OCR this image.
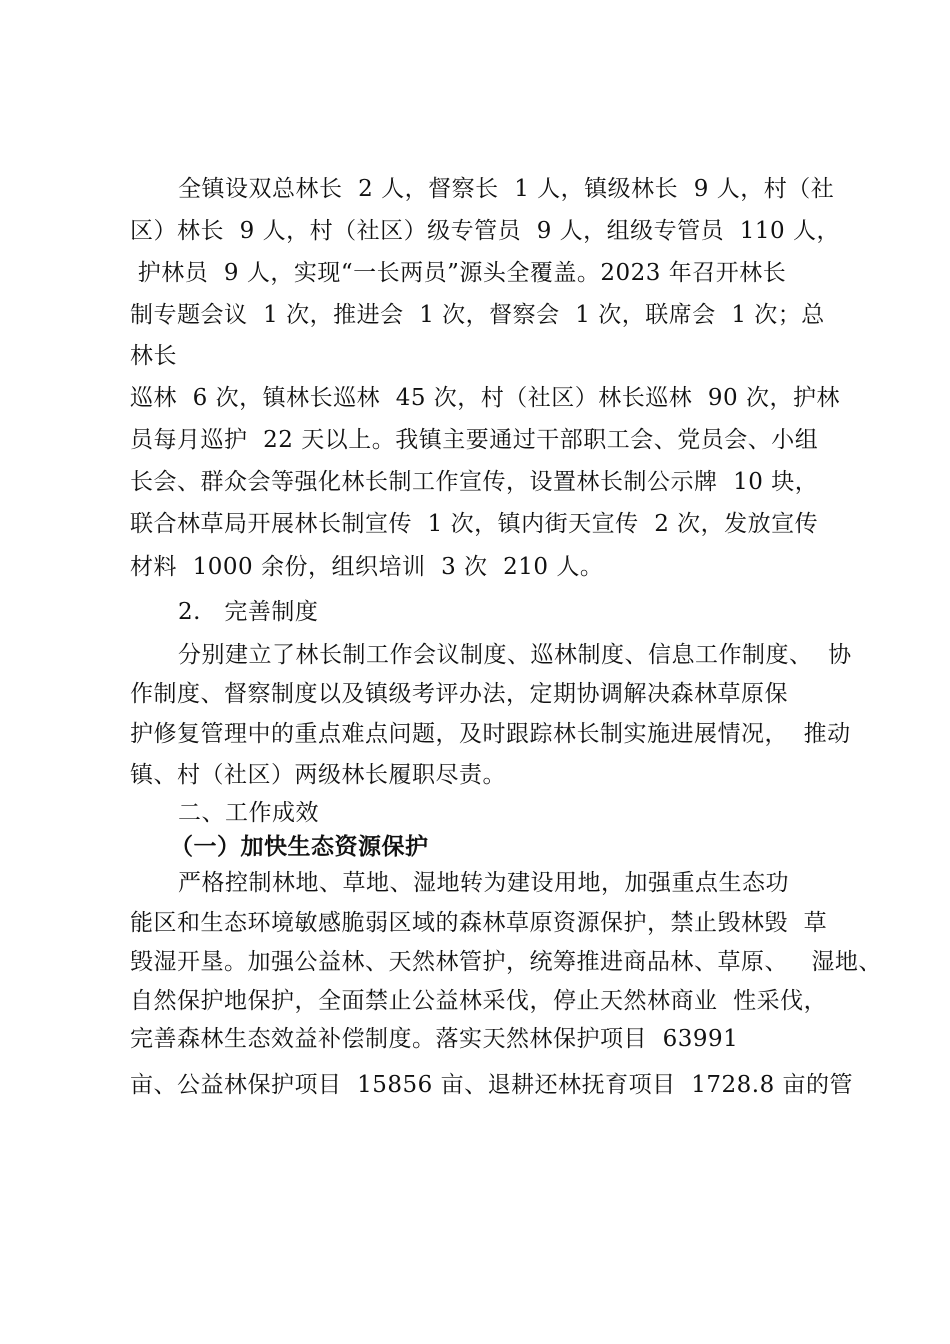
全镇设双总林长  2 人，督察长  1 人，镇级林长  9 人，村（社
区）林长  9 人，村（社区）级专管员  9 人，组级专管员  110 人，
护林员  9 人，实现“一长两员”源头全覆盖。2023 年召开林长
制专题会议  1 次，推进会  1 次，督察会  1 次，联席会  1 次；总
林长
巡林  6 次，镇林长巡林  45 次，村（社区）林长巡林  90 次，护林
员每月巡护  22 天以上。我镇主要通过干部职工会、党员会、小组
长会、群众会等强化林长制工作宣传，设置林长制公示牌  10 块，
联合林草局开展林长制宣传  1 次，镇内街天宣传  2 次，发放宣传
材料  1000 余份，组织培训  3 次  210 人。
2.   完善制度
分别建立了林长制工作会议制度、巡林制度、信息工作制度、  协
作制度、督察制度以及镇级考评办法，定期协调解决森林草原保
护修复管理中的重点难点问题，及时跟踪林长制实施进展情况，  推动
镇、村（社区）两级林长履职尽责。
二、工作成效
（一）加快生态资源保护
严格控制林地、草地、湿地转为建设用地，加强重点生态功
能区和生态环境敏感脆弱区域的森林草原资源保护，禁止毁林毁  草
毁湿开垦。加强公益林、天然林管护，统筹推进商品林、草原、   湿地、
自然保护地保护，全面禁止公益林采伐，停止天然林商业  性采伐，
完善森林生态效益补偿制度。落实天然林保护项目  63991
亩、公益林保护项目  15856 亩、退耕还林抚育项目  1728.8 亩的管
